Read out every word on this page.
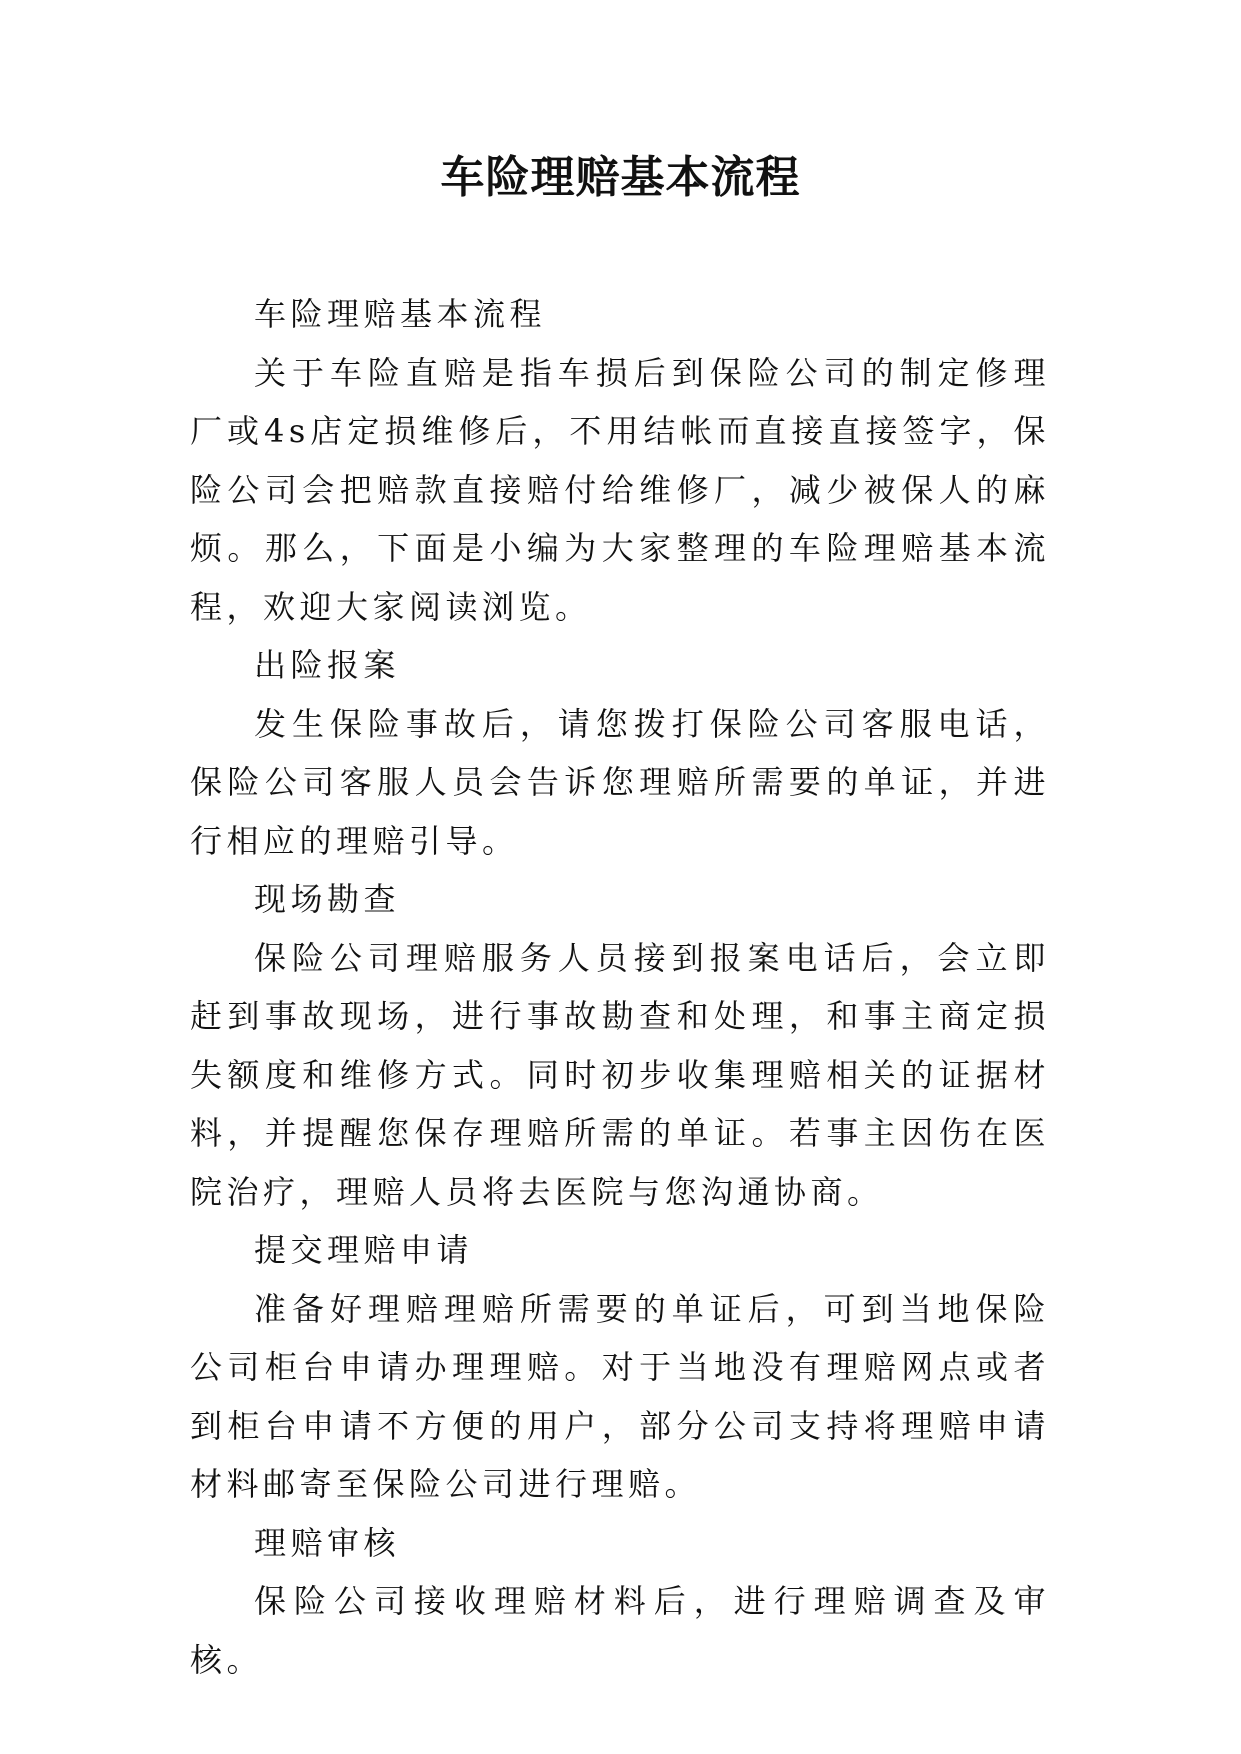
车险理赔基本流程

车险理赔基本流程

关于车险直赔是指车损后到保险公司的制定修理厂或4s店定损维修后，不用结帐而直接直接签字，保险公司会把赔款直接赔付给维修厂，减少被保人的麻烦。那么，下面是小编为大家整理的车险理赔基本流程，欢迎大家阅读浏览。

出险报案

发生保险事故后，请您拨打保险公司客服电话，保险公司客服人员会告诉您理赔所需要的单证，并进行相应的理赔引导。

现场勘查

保险公司理赔服务人员接到报案电话后，会立即赶到事故现场，进行事故勘查和处理，和事主商定损失额度和维修方式。同时初步收集理赔相关的证据材料，并提醒您保存理赔所需的单证。若事主因伤在医院治疗，理赔人员将去医院与您沟通协商。

提交理赔申请

准备好理赔理赔所需要的单证后，可到当地保险公司柜台申请办理理赔。对于当地没有理赔网点或者到柜台申请不方便的用户，部分公司支持将理赔申请材料邮寄至保险公司进行理赔。

理赔审核

保险公司接收理赔材料后，进行理赔调查及审核。
